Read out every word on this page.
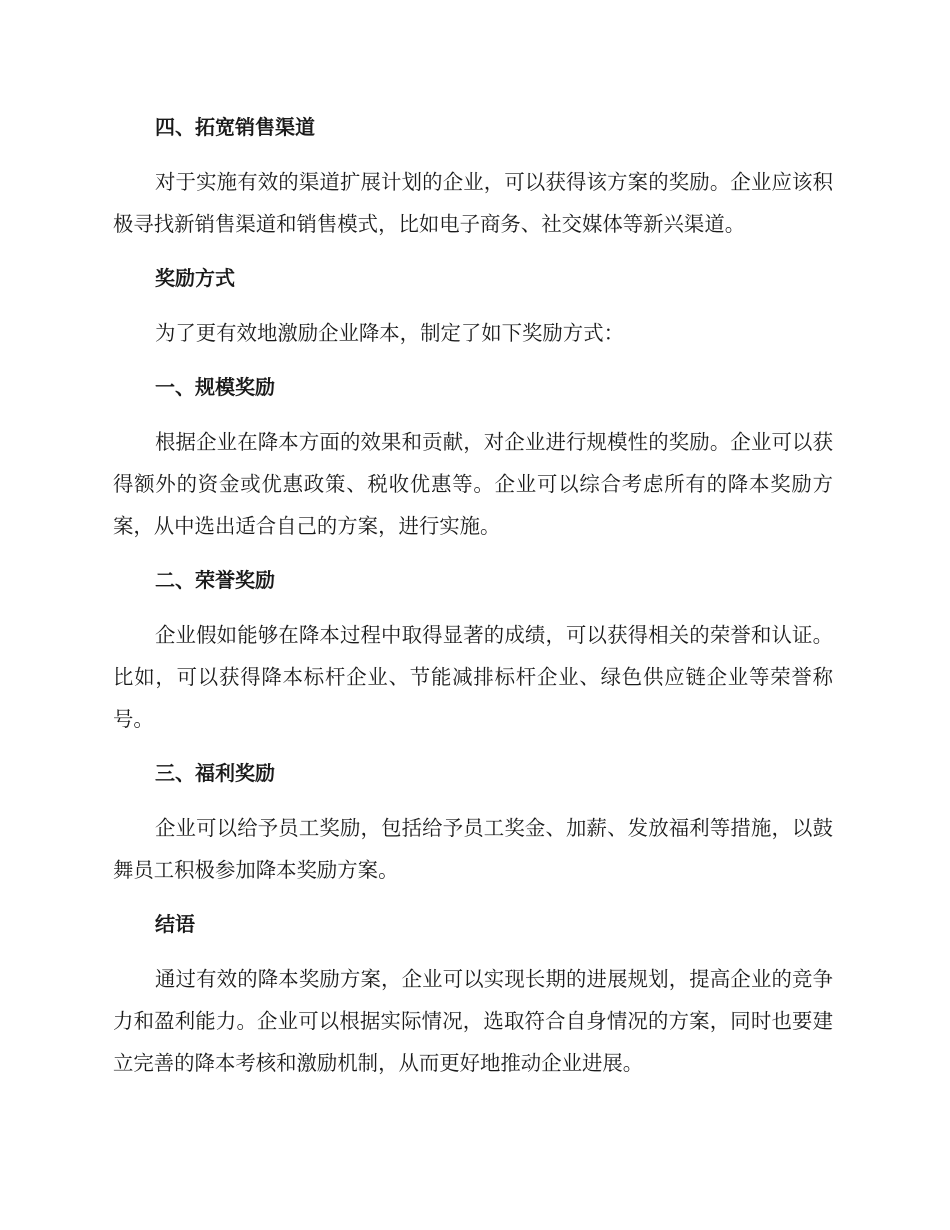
四、拓宽销售渠道

对于实施有效的渠道扩展计划的企业，可以获得该方案的奖励。企业应该积极寻找新销售渠道和销售模式，比如电子商务、社交媒体等新兴渠道。

奖励方式

为了更有效地激励企业降本，制定了如下奖励方式：

一、规模奖励

根据企业在降本方面的效果和贡献，对企业进行规模性的奖励。企业可以获得额外的资金或优惠政策、税收优惠等。企业可以综合考虑所有的降本奖励方案，从中选出适合自己的方案，进行实施。

二、荣誉奖励

企业假如能够在降本过程中取得显著的成绩，可以获得相关的荣誉和认证。比如，可以获得降本标杆企业、节能减排标杆企业、绿色供应链企业等荣誉称号。

三、福利奖励

企业可以给予员工奖励，包括给予员工奖金、加薪、发放福利等措施，以鼓舞员工积极参加降本奖励方案。

结语

通过有效的降本奖励方案，企业可以实现长期的进展规划，提高企业的竞争力和盈利能力。企业可以根据实际情况，选取符合自身情况的方案，同时也要建立完善的降本考核和激励机制，从而更好地推动企业进展。
